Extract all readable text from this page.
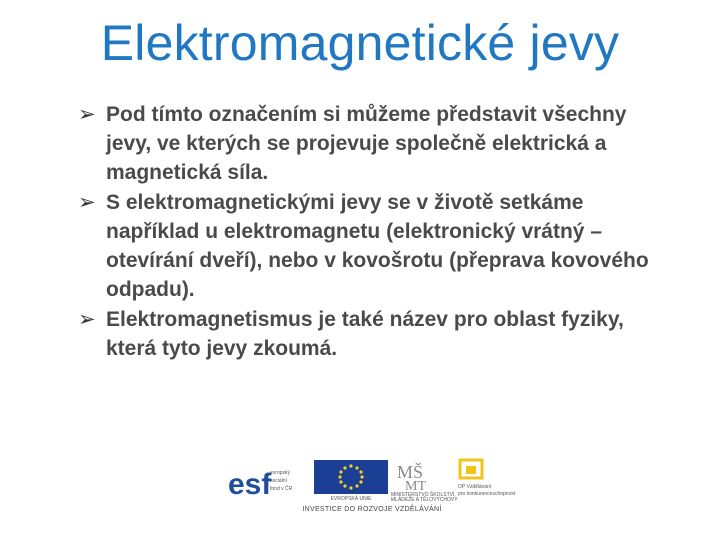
Elektromagnetické jevy
➢ Pod tímto označením si můžeme představit všechny jevy, ve kterých se projevuje společně elektrická a magnetická síla.
➢ S elektromagnetickými jevy se v životě setkáme například u elektromagnetu (elektronický vrátný – otevírání dveří), nebo v kovošrotu (přeprava kovového odpadu).
➢ Elektromagnetismus je také název pro oblast fyziky, která tyto jevy zkoumá.
esf
evropský
sociální
fond v ČR
EVROPSKÁ UNIE
MŠ
MT
MINISTERSTVO ŠKOLSTVÍ,
MLÁDEŽE A TĚLOVÝCHOVY
OP Vzdělávání
pro konkurenceschopnost
INVESTICE DO ROZVOJE VZDĚLÁVÁNÍ
